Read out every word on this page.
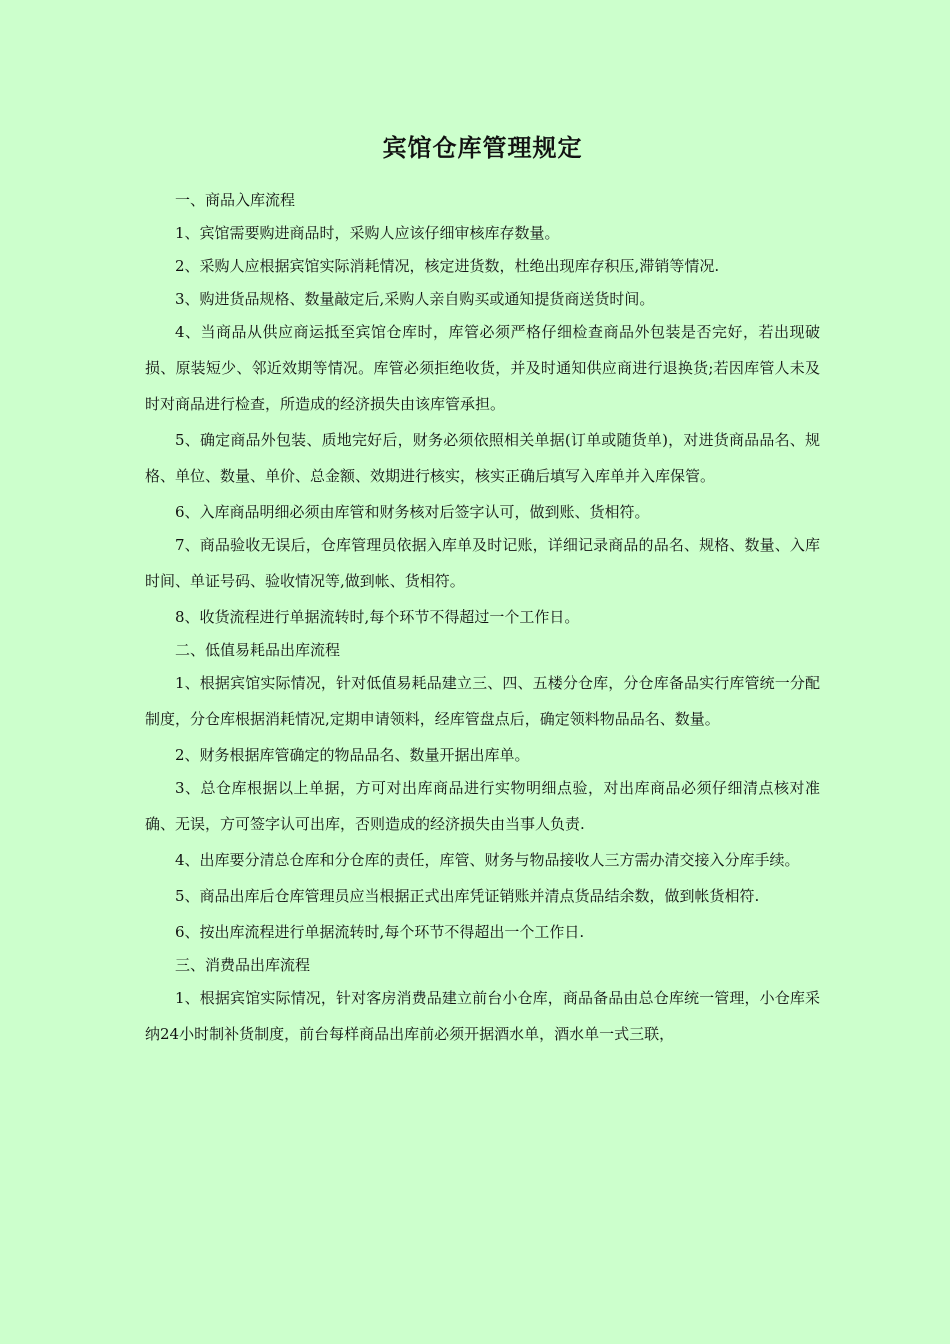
宾馆仓库管理规定

一、商品入库流程

1、宾馆需要购进商品时，采购人应该仔细审核库存数量。

2、采购人应根据宾馆实际消耗情况，核定进货数，杜绝出现库存积压,滞销等情况.

3、购进货品规格、数量敲定后,采购人亲自购买或通知提货商送货时间。

4、当商品从供应商运抵至宾馆仓库时，库管必须严格仔细检查商品外包装是否完好，若出现破损、原装短少、邻近效期等情况。库管必须拒绝收货，并及时通知供应商进行退换货;若因库管人未及时对商品进行检查，所造成的经济损失由该库管承担。

5、确定商品外包装、质地完好后，财务必须依照相关单据(订单或随货单)，对进货商品品名、规格、单位、数量、单价、总金额、效期进行核实，核实正确后填写入库单并入库保管。

6、入库商品明细必须由库管和财务核对后签字认可，做到账、货相符。

7、商品验收无误后，仓库管理员依据入库单及时记账，详细记录商品的品名、规格、数量、入库时间、单证号码、验收情况等,做到帐、货相符。

8、收货流程进行单据流转时,每个环节不得超过一个工作日。

二、低值易耗品出库流程

1、根据宾馆实际情况，针对低值易耗品建立三、四、五楼分仓库，分仓库备品实行库管统一分配制度，分仓库根据消耗情况,定期申请领料，经库管盘点后，确定领料物品品名、数量。

2、财务根据库管确定的物品品名、数量开据出库单。

3、总仓库根据以上单据，方可对出库商品进行实物明细点验，对出库商品必须仔细清点核对准确、无误，方可签字认可出库，否则造成的经济损失由当事人负责.

4、出库要分清总仓库和分仓库的责任，库管、财务与物品接收人三方需办清交接入分库手续。

5、商品出库后仓库管理员应当根据正式出库凭证销账并清点货品结余数，做到帐货相符.

6、按出库流程进行单据流转时,每个环节不得超出一个工作日.

三、消费品出库流程

1、根据宾馆实际情况，针对客房消费品建立前台小仓库，商品备品由总仓库统一管理，小仓库采纳24小时制补货制度，前台每样商品出库前必须开据酒水单，酒水单一式三联，
